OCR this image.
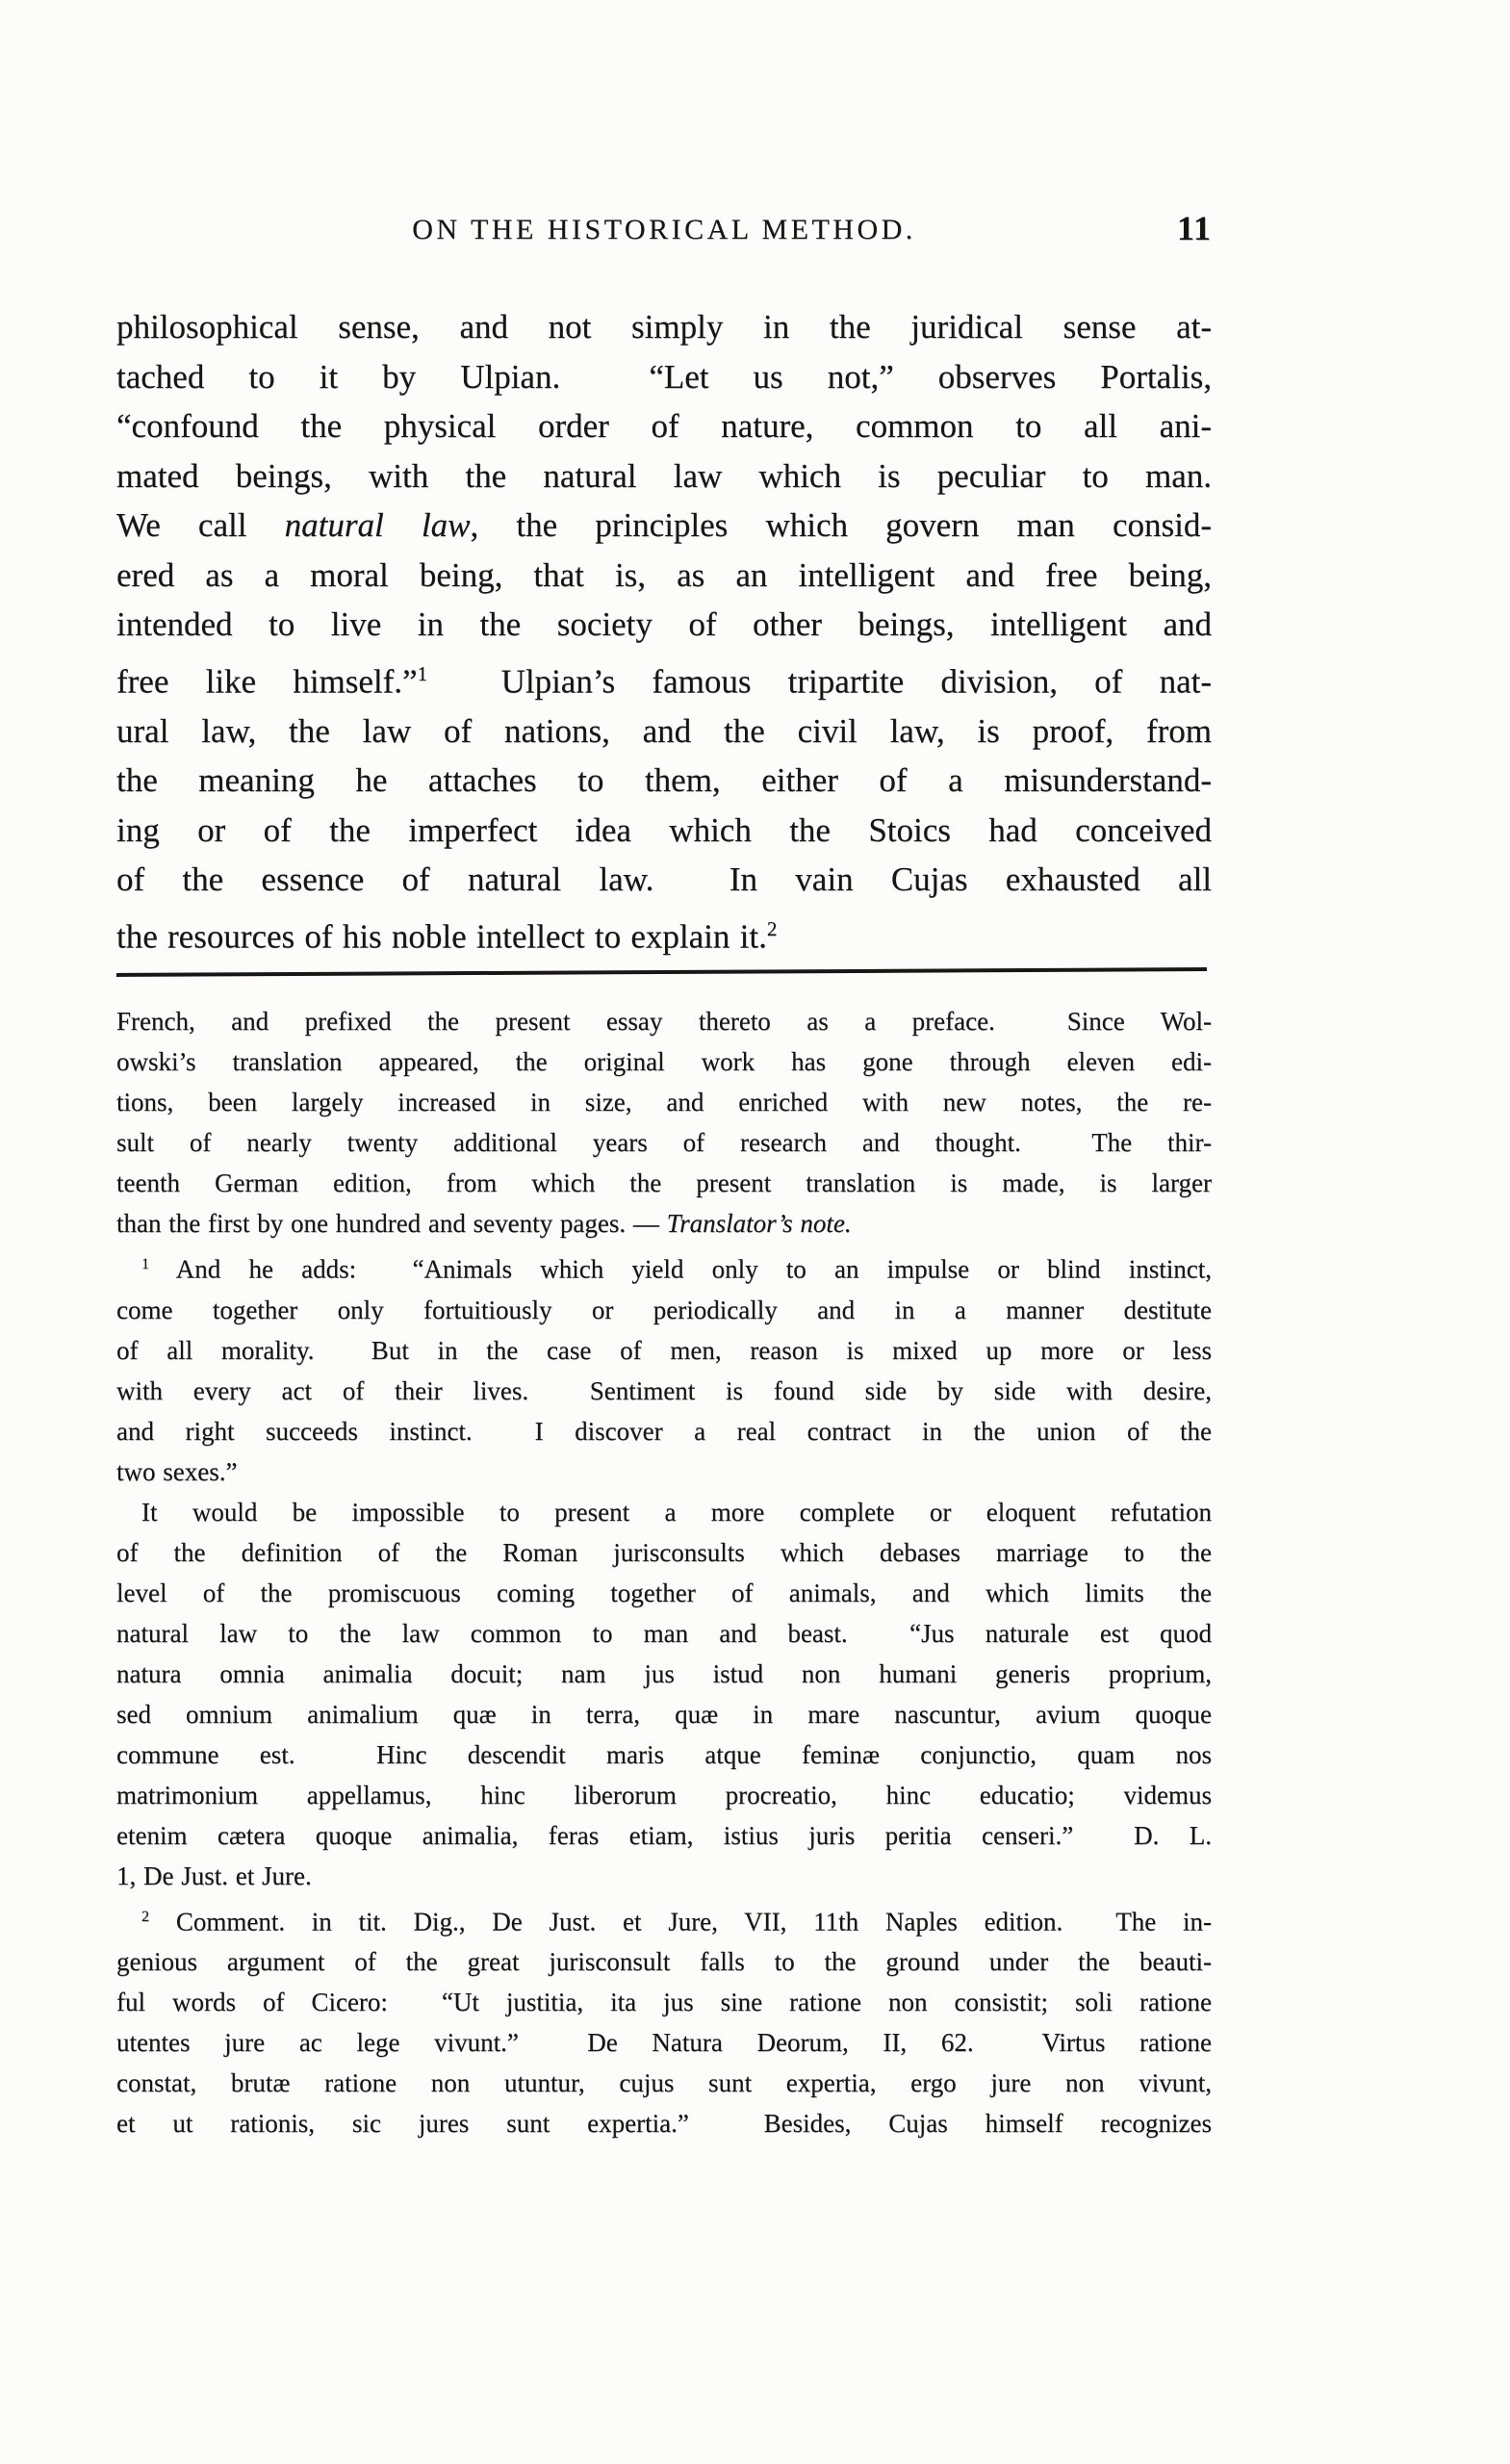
ON THE HISTORICAL METHOD.	11
philosophical sense, and not simply in the juridical sense at-
tached to it by Ulpian.  “Let us not,” observes Portalis,
“confound the physical order of nature, common to all ani-
mated beings, with the natural law which is peculiar to man.
We call natural law, the principles which govern man consid-
ered as a moral being, that is, as an intelligent and free being,
intended to live in the society of other beings, intelligent and
free like himself.”$^1$  Ulpian’s famous tripartite division, of nat-
ural law, the law of nations, and the civil law, is proof, from
the meaning he attaches to them, either of a misunderstand-
ing or of the imperfect idea which the Stoics had conceived
of the essence of natural law.  In vain Cujas exhausted all
the resources of his noble intellect to explain it.$^2$
French, and prefixed the present essay thereto as a preface.  Since Wol-
owski’s translation appeared, the original work has gone through eleven edi-
tions, been largely increased in size, and enriched with new notes, the re-
sult of nearly twenty additional years of research and thought.  The thir-
teenth German edition, from which the present translation is made, is larger
than the first by one hundred and seventy pages. — Translator’s note.
$^1$ And he adds:  “Animals which yield only to an impulse or blind instinct,
come together only fortuitiously or periodically and in a manner destitute
of all morality.  But in the case of men, reason is mixed up more or less
with every act of their lives.  Sentiment is found side by side with desire,
and right succeeds instinct.  I discover a real contract in the union of the
two sexes.”
It would be impossible to present a more complete or eloquent refutation
of the definition of the Roman jurisconsults which debases marriage to the
level of the promiscuous coming together of animals, and which limits the
natural law to the law common to man and beast.  “Jus naturale est quod
natura omnia animalia docuit; nam jus istud non humani generis proprium,
sed omnium animalium quæ in terra, quæ in mare nascuntur, avium quoque
commune est.  Hinc descendit maris atque feminæ conjunctio, quam nos
matrimonium appellamus, hinc liberorum procreatio, hinc educatio; videmus
etenim cætera quoque animalia, feras etiam, istius juris peritia censeri.”  D. L.
1, De Just. et Jure.
$^2$ Comment. in tit. Dig., De Just. et Jure, VII, 11th Naples edition.  The in-
genious argument of the great jurisconsult falls to the ground under the beauti-
ful words of Cicero:  “Ut justitia, ita jus sine ratione non consistit; soli ratione
utentes jure ac lege vivunt.”  De Natura Deorum, II, 62.  Virtus ratione
constat, brutæ ratione non utuntur, cujus sunt expertia, ergo jure non vivunt,
et ut rationis, sic jures sunt expertia.”  Besides, Cujas himself recognizes
